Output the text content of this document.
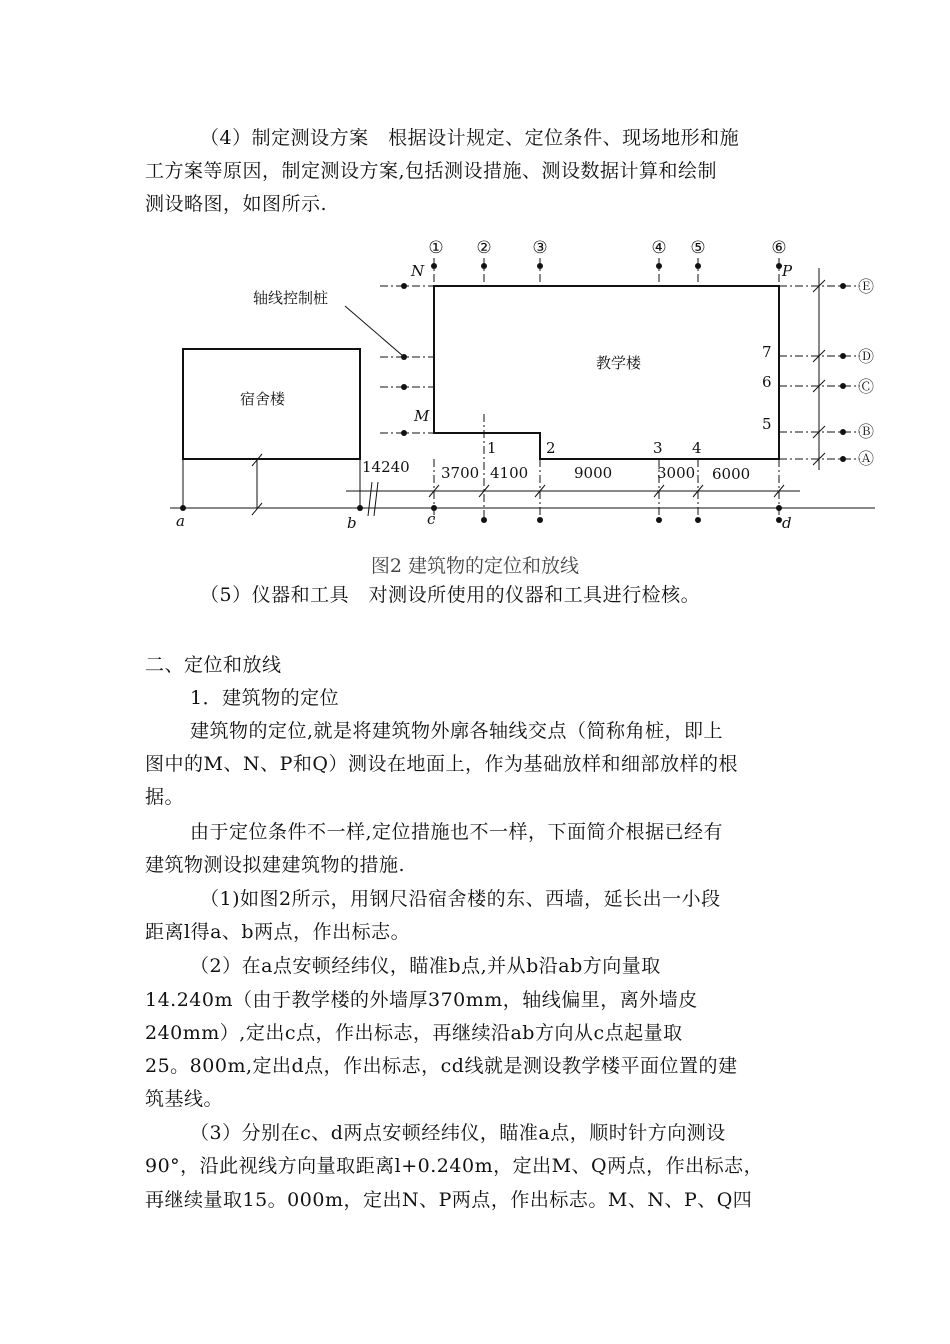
（4）制定测设方案　根据设计规定、定位条件、现场地形和施
工方案等原因，制定测设方案,包括测设措施、测设数据计算和绘制
测设略图，如图所示.
① ② ③	④ ⑤	⑥
Ⓔ
Ⓓ
Ⓒ
Ⓑ
Ⓐ
N	P
M
a	b	c	d
教学楼
宿舍楼
轴线控制桩
1	2	3 4
5
6
7
14240 3700 4100	9000	3000 6000
图2 建筑物的定位和放线
（5）仪器和工具　对测设所使用的仪器和工具进行检核。
二、定位和放线
1．建筑物的定位
建筑物的定位,就是将建筑物外廓各轴线交点（简称角桩，即上
图中的M、N、P和Q）测设在地面上，作为基础放样和细部放样的根
据。
由于定位条件不一样,定位措施也不一样，下面简介根据已经有
建筑物测设拟建建筑物的措施.
（1)如图2所示，用钢尺沿宿舍楼的东、西墙，延长出一小段
距离l得a、b两点，作出标志。
（2）在a点安顿经纬仪，瞄准b点,并从b沿ab方向量取
14.240m（由于教学楼的外墙厚370mm，轴线偏里，离外墙皮
240mm）,定出c点，作出标志，再继续沿ab方向从c点起量取
25。800m,定出d点，作出标志，cd线就是测设教学楼平面位置的建
筑基线。
（3）分别在c、d两点安顿经纬仪，瞄准a点，顺时针方向测设
90°，沿此视线方向量取距离l+0.240m，定出M、Q两点，作出标志，
再继续量取15。000m，定出N、P两点，作出标志。M、N、P、Q四
